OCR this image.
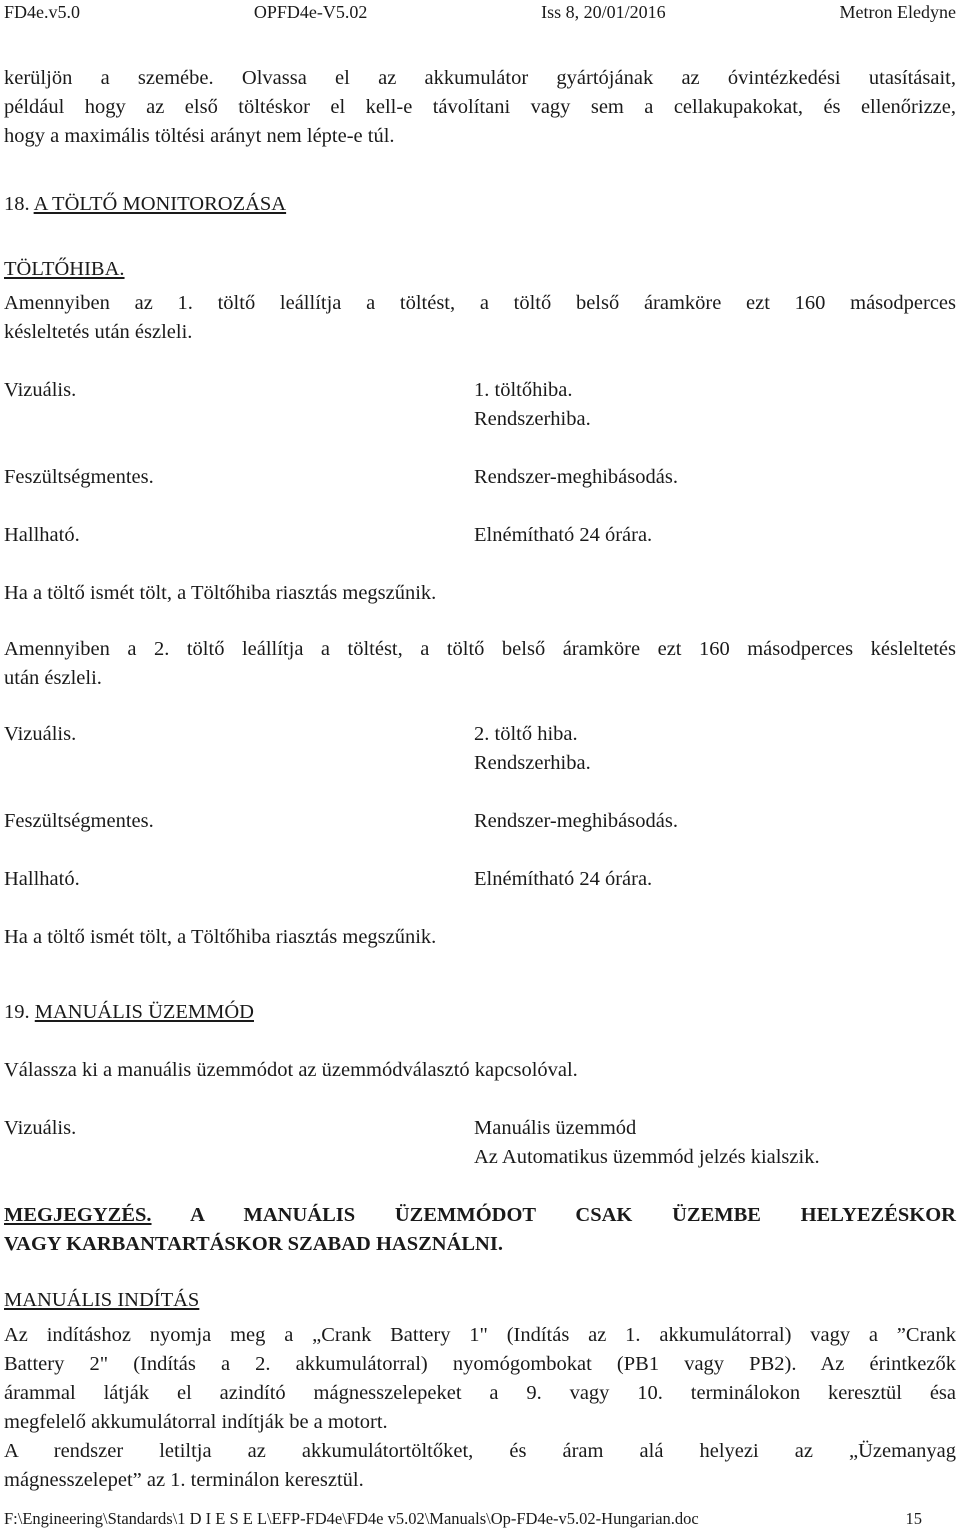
FD4e.v5.0	OPFD4e-V5.02	Iss 8, 20/01/2016	Metron Eledyne
kerüljön a szemébe. Olvassa el az akkumulátor gyártójának az óvintézkedési utasításait,
például hogy az első töltéskor el kell-e távolítani vagy sem a cellakupakokat, és ellenőrizze,
hogy a maximális töltési arányt nem lépte-e túl.
18. A TÖLTŐ MONITOROZÁSA
TÖLTŐHIBA.
Amennyiben az 1. töltő leállítja a töltést, a töltő belső áramköre ezt 160 másodperces
késleltetés után észleli.
Vizuális.	1. töltőhiba.
Rendszerhiba.
Feszültségmentes.	Rendszer-meghibásodás.
Hallható.	Elnémítható 24 órára.
Ha a töltő ismét tölt, a Töltőhiba riasztás megszűnik.
Amennyiben a 2. töltő leállítja a töltést, a töltő belső áramköre ezt 160 másodperces késleltetés
után észleli.
Vizuális.	2. töltő hiba.
Rendszerhiba.
Feszültségmentes.	Rendszer-meghibásodás.
Hallható.	Elnémítható 24 órára.
Ha a töltő ismét tölt, a Töltőhiba riasztás megszűnik.
19. MANUÁLIS ÜZEMMÓD
Válassza ki a manuális üzemmódot az üzemmódválasztó kapcsolóval.
Vizuális.	Manuális üzemmód
Az Automatikus üzemmód jelzés kialszik.
MEGJEGYZÉS. A MANUÁLIS ÜZEMMÓDOT CSAK ÜZEMBE HELYEZÉSKOR
VAGY KARBANTARTÁSKOR SZABAD HASZNÁLNI.
MANUÁLIS INDÍTÁS
Az indításhoz nyomja meg a „Crank Battery 1" (Indítás az 1. akkumulátorral) vagy a ”Crank
Battery 2" (Indítás a 2. akkumulátorral) nyomógombokat (PB1 vagy PB2). Az érintkezők
árammal látják el azindító mágnesszelepeket a 9. vagy 10. terminálokon keresztül ésa
megfelelő akkumulátorral indítják be a motort.
A rendszer letiltja az akkumulátortöltőket, és áram alá helyezi az „Üzemanyag
mágnesszelepet” az 1. terminálon keresztül.
F:\Engineering\Standards\1 D I E S E L\EFP-FD4e\FD4e v5.02\Manuals\Op-FD4e-v5.02-Hungarian.doc	15
